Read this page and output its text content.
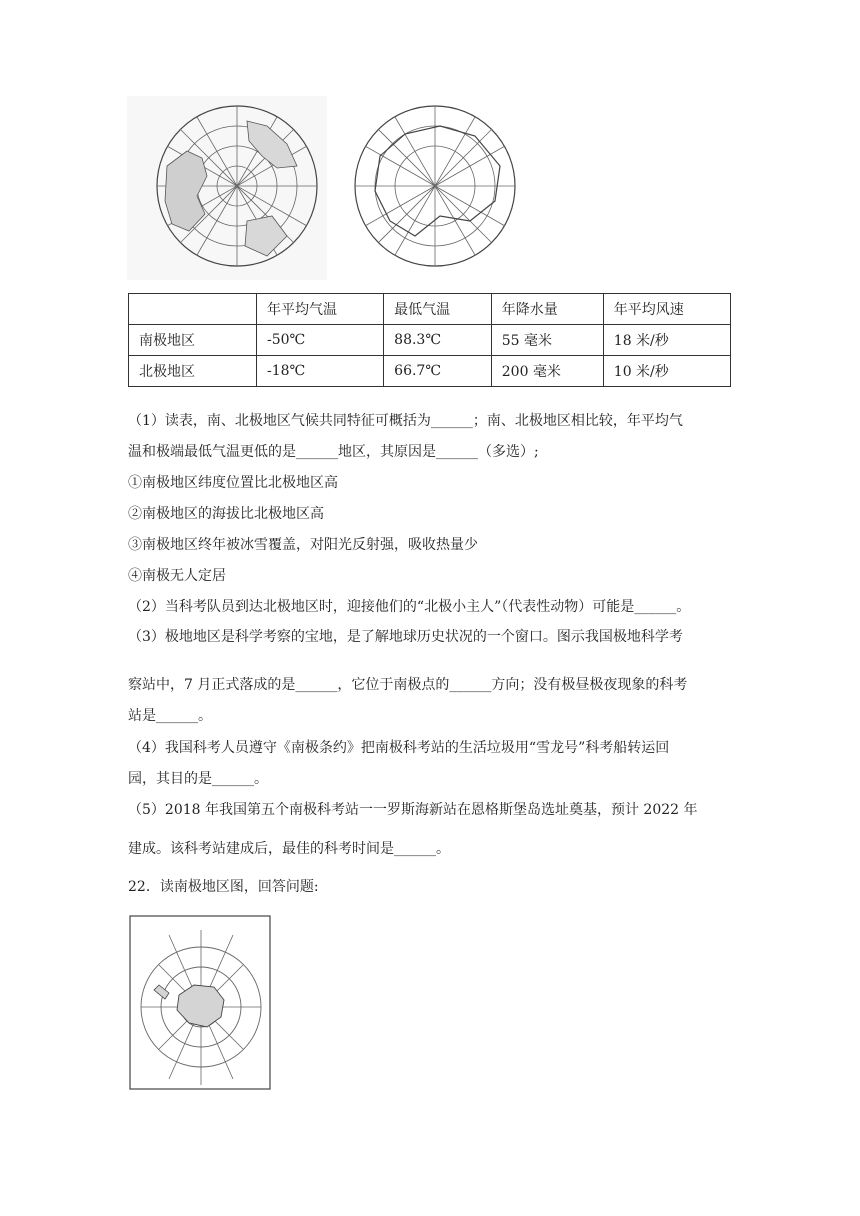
	年平均气温	最低气温	年降水量	年平均风速
南极地区	-50℃	88.3℃	55 毫米	18 米/秒
北极地区	-18℃	66.7℃	200 毫米	10 米/秒
（1）读表，南、北极地区气候共同特征可概括为______；南、北极地区相比较，年平均气
温和极端最低气温更低的是______地区，其原因是______（多选）;
①南极地区纬度位置比北极地区高
②南极地区的海拔比北极地区高
③南极地区终年被冰雪覆盖，对阳光反射强，吸收热量少
④南极无人定居
（2）当科考队员到达北极地区时，迎接他们的“北极小主人”（代表性动物）可能是______。
（3）极地地区是科学考察的宝地，是了解地球历史状况的一个窗口。图示我国极地科学考
察站中，7 月正式落成的是______，它位于南极点的______方向；没有极昼极夜现象的科考
站是______。
（4）我国科考人员遵守《南极条约》把南极科考站的生活垃圾用“雪龙号”科考船转运回
园，其目的是______。
（5）2018 年我国第五个南极科考站一一罗斯海新站在恩格斯堡岛选址奠基，预计 2022 年
建成。该科考站建成后，最佳的科考时间是______。
22．读南极地区图，回答问题:
